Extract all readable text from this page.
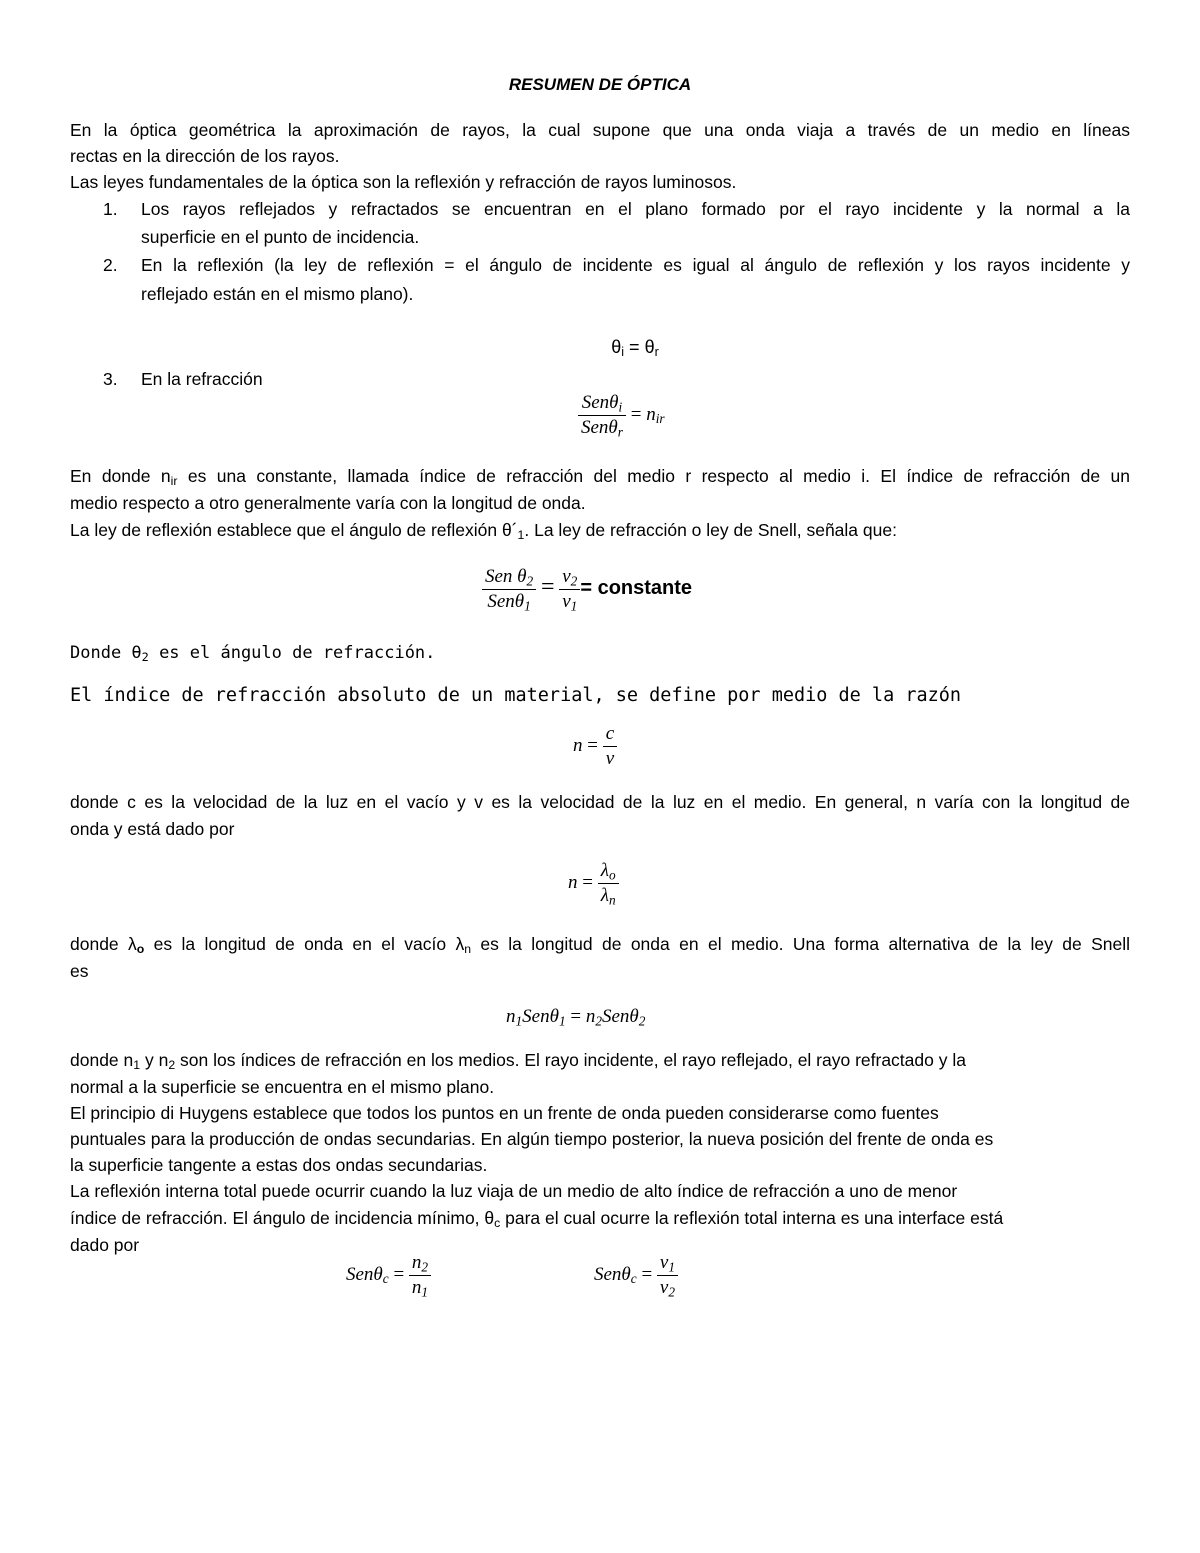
RESUMEN DE ÓPTICA
En la óptica geométrica la aproximación de rayos, la cual supone que una onda viaja a través de un medio en líneas
rectas en la dirección de los rayos.
Las leyes fundamentales de la óptica son la reflexión y refracción de rayos luminosos.
1. Los rayos reflejados y refractados se encuentran en el plano formado por el rayo incidente y la normal a la
superficie en el punto de incidencia.
2. En la reflexión (la ley de reflexión = el ángulo de incidente es igual al ángulo de reflexión y los rayos incidente y
reflejado están en el mismo plano).
$\theta_i = \theta_r$
3. En la refracción
$\frac{Sen\theta_i}{Sen\theta_r} = n_{ir}$
En donde $n_{ir}$ es una constante, llamada índice de refracción del medio r respecto al medio i. El índice de refracción de un
medio respecto a otro generalmente varía con la longitud de onda.
La ley de reflexión establece que el ángulo de reflexión $\theta´_1$. La ley de refracción o ley de Snell, señala que:
$\frac{Sen \theta_2}{Sen\theta_1} = \frac{v_2}{v_1}$ = constante
Donde $\theta_2$ es el ángulo de refracción.
El índice de refracción absoluto de un material, se define por medio de la razón
$n = \frac{c}{v}$
donde c es la velocidad de la luz en el vacío y v es la velocidad de la luz en el medio. En general, n varía con la longitud de
onda y está dado por
$n = \frac{\lambda_o}{\lambda_n}$
donde $\lambda_o$ es la longitud de onda en el vacío $\lambda_n$ es la longitud de onda en el medio. Una forma alternativa de la ley de Snell
es
$n_1Sen\theta_1 = n_2Sen\theta_2$
donde $n_1$ y $n_2$ son los índices de refracción en los medios. El rayo incidente, el rayo reflejado, el rayo refractado y la
normal a la superficie se encuentra en el mismo plano.
El principio di Huygens establece que todos los puntos en un frente de onda pueden considerarse como fuentes
puntuales para la producción de ondas secundarias. En algún tiempo posterior, la nueva posición del frente de onda es
la superficie tangente a estas dos ondas secundarias.
La reflexión interna total puede ocurrir cuando la luz viaja de un medio de alto índice de refracción a uno de menor
índice de refracción. El ángulo de incidencia mínimo, $\theta_c$ para el cual ocurre la reflexión total interna es una interface está
dado por
$Sen\theta_c = \frac{n_2}{n_1}$	$Sen\theta_c = \frac{v_1}{v_2}$
